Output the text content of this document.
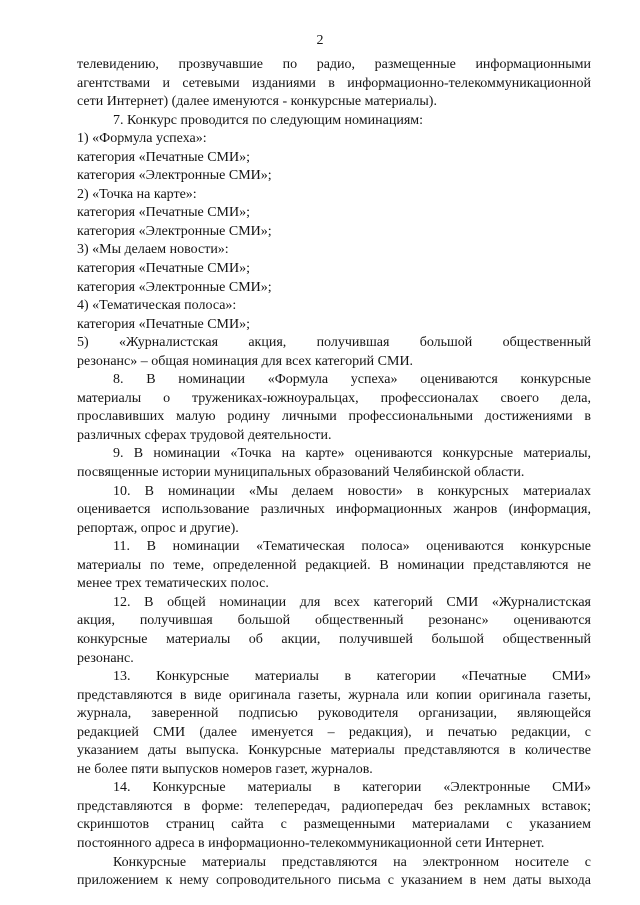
2
телевидению, прозвучавшие по радио, размещенные информационными
агентствами и сетевыми изданиями в информационно-телекоммуникационной
сети Интернет) (далее именуются - конкурсные материалы).
7. Конкурс проводится по следующим номинациям:
1) «Формула успеха»:
категория «Печатные СМИ»;
категория «Электронные СМИ»;
2) «Точка на карте»:
категория «Печатные СМИ»;
категория «Электронные СМИ»;
3) «Мы делаем новости»:
категория «Печатные СМИ»;
категория «Электронные СМИ»;
4) «Тематическая полоса»:
категория «Печатные СМИ»;
5) «Журналистская акция, получившая большой общественный
резонанс» – общая номинация для всех категорий СМИ.
8. В номинации «Формула успеха» оцениваются конкурсные
материалы о тружениках-южноуральцах, профессионалах своего дела,
прославивших малую родину личными профессиональными достижениями в
различных сферах трудовой деятельности.
9. В номинации «Точка на карте» оцениваются конкурсные материалы,
посвященные истории муниципальных образований Челябинской области.
10. В номинации «Мы делаем новости» в конкурсных материалах
оценивается использование различных информационных жанров (информация,
репортаж, опрос и другие).
11. В номинации «Тематическая полоса» оцениваются конкурсные
материалы по теме, определенной редакцией. В номинации представляются не
менее трех тематических полос.
12. В общей номинации для всех категорий СМИ «Журналистская
акция, получившая большой общественный резонанс» оцениваются
конкурсные материалы об акции, получившей большой общественный
резонанс.
13. Конкурсные материалы в категории «Печатные СМИ»
представляются в виде оригинала газеты, журнала или копии оригинала газеты,
журнала, заверенной подписью руководителя организации, являющейся
редакцией СМИ (далее именуется – редакция), и печатью редакции, с
указанием даты выпуска. Конкурсные материалы представляются в количестве
не более пяти выпусков номеров газет, журналов.
14. Конкурсные материалы в категории «Электронные СМИ»
представляются в форме: телепередач, радиопередач без рекламных вставок;
скриншотов страниц сайта с размещенными материалами с указанием
постоянного адреса в информационно-телекоммуникационной сети Интернет.
Конкурсные материалы представляются на электронном носителе с
приложением к нему сопроводительного письма с указанием в нем даты выхода
